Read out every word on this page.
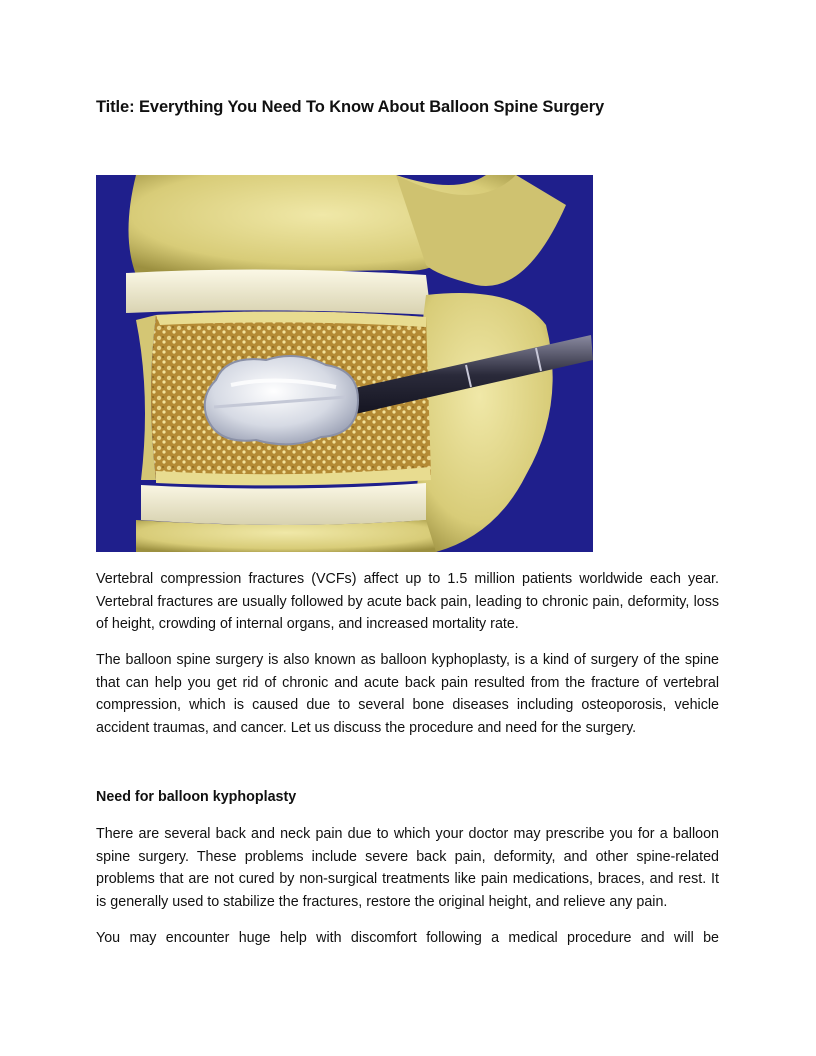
Title: Everything You Need To Know About Balloon Spine Surgery

Vertebral compression fractures (VCFs) affect up to 1.5 million patients worldwide each year. Vertebral fractures are usually followed by acute back pain, leading to chronic pain, deformity, loss of height, crowding of internal organs, and increased mortality rate.

The balloon spine surgery is also known as balloon kyphoplasty, is a kind of surgery of the spine that can help you get rid of chronic and acute back pain resulted from the fracture of vertebral compression, which is caused due to several bone diseases including osteoporosis, vehicle accident traumas, and cancer. Let us discuss the procedure and need for the surgery.

Need for balloon kyphoplasty

There are several back and neck pain due to which your doctor may prescribe you for a balloon spine surgery. These problems include severe back pain, deformity, and other spine-related problems that are not cured by non-surgical treatments like pain medications, braces, and rest. It is generally used to stabilize the fractures, restore the original height, and relieve any pain.

You may encounter huge help with discomfort following a medical procedure and will be
